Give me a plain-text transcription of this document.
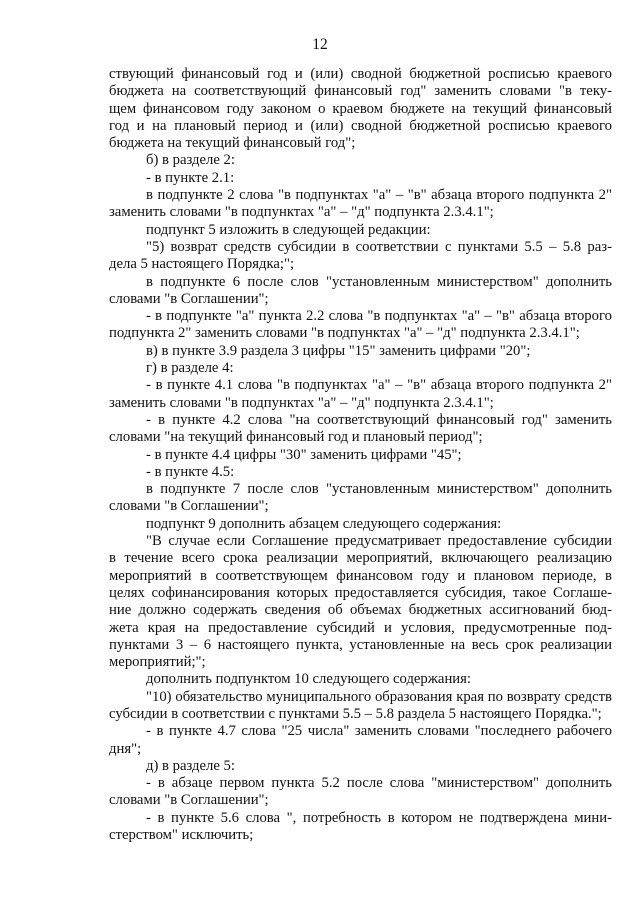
12
ствующий финансовый год и (или) сводной бюджетной росписью краевого
бюджета на соответствующий финансовый год" заменить словами "в теку-
щем финансовом году законом о краевом бюджете на текущий финансовый
год и на плановый период и (или) сводной бюджетной росписью краевого
бюджета на текущий финансовый год";
б) в разделе 2:
- в пункте 2.1:
в подпункте 2 слова "в подпунктах "а" – "в" абзаца второго подпункта 2"
заменить словами "в подпунктах "а" – "д" подпункта 2.3.4.1";
подпункт 5 изложить в следующей редакции:
"5) возврат средств субсидии в соответствии с пунктами 5.5 – 5.8 раз-
дела 5 настоящего Порядка;";
в подпункте 6 после слов "установленным министерством" дополнить
словами "в Соглашении";
- в подпункте "а" пункта 2.2 слова "в подпунктах "а" – "в" абзаца второго
подпункта 2" заменить словами "в подпунктах "а" – "д" подпункта 2.3.4.1";
в) в пункте 3.9 раздела 3 цифры "15" заменить цифрами "20";
г) в разделе 4:
- в пункте 4.1 слова "в подпунктах "а" – "в" абзаца второго подпункта 2"
заменить словами "в подпунктах "а" – "д" подпункта 2.3.4.1";
- в пункте 4.2 слова "на соответствующий финансовый год" заменить
словами "на текущий финансовый год и плановый период";
- в пункте 4.4 цифры "30" заменить цифрами "45";
- в пункте 4.5:
в подпункте 7 после слов "установленным министерством" дополнить
словами "в Соглашении";
подпункт 9 дополнить абзацем следующего содержания:
"В случае если Соглашение предусматривает предоставление субсидии
в течение всего срока реализации мероприятий, включающего реализацию
мероприятий в соответствующем финансовом году и плановом периоде, в
целях софинансирования которых предоставляется субсидия, такое Соглаше-
ние должно содержать сведения об объемах бюджетных ассигнований бюд-
жета края на предоставление субсидий и условия, предусмотренные под-
пунктами 3 – 6 настоящего пункта, установленные на весь срок реализации
мероприятий;";
дополнить подпунктом 10 следующего содержания:
"10) обязательство муниципального образования края по возврату средств
субсидии в соответствии с пунктами 5.5 – 5.8 раздела 5 настоящего Порядка.";
- в пункте 4.7 слова "25 числа" заменить словами "последнего рабочего
дня";
д) в разделе 5:
- в абзаце первом пункта 5.2 после слова "министерством" дополнить
словами "в Соглашении";
- в пункте 5.6 слова ", потребность в котором не подтверждена мини-
стерством" исключить;
